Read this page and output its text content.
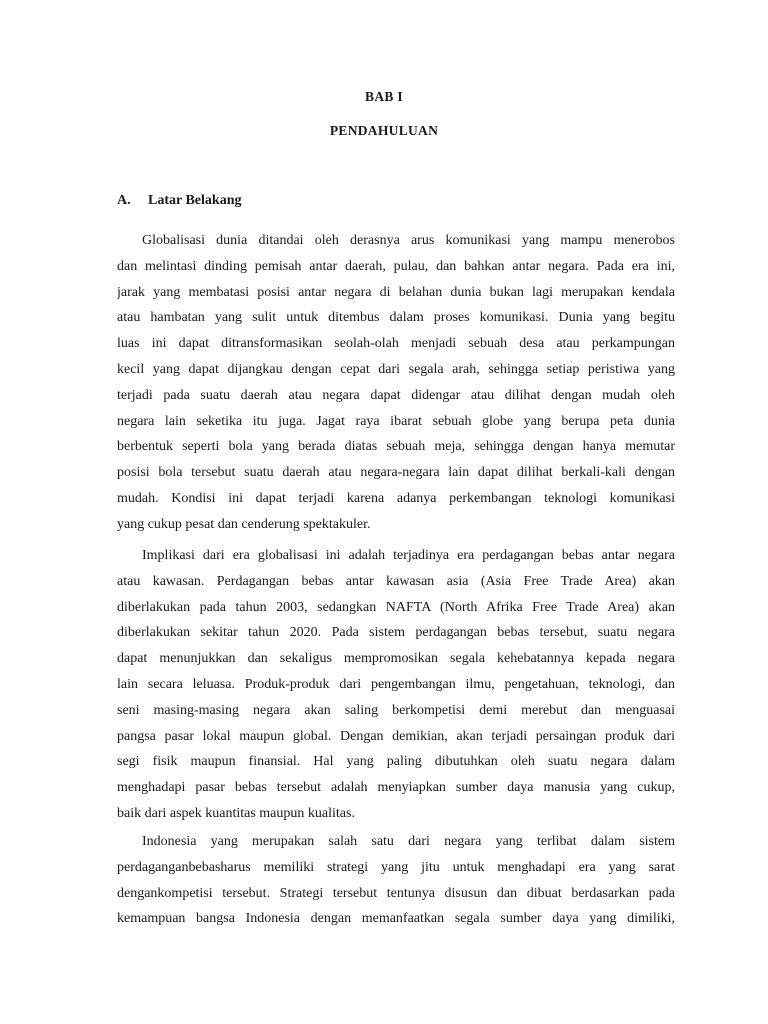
BAB I
PENDAHULUAN
A. Latar Belakang
Globalisasi dunia ditandai oleh derasnya arus komunikasi yang mampu menerobos
dan melintasi dinding pemisah antar daerah, pulau, dan bahkan antar negara. Pada era ini,
jarak yang membatasi posisi antar negara di belahan dunia bukan lagi merupakan kendala
atau hambatan yang sulit untuk ditembus dalam proses komunikasi. Dunia yang begitu
luas ini dapat ditransformasikan seolah-olah menjadi sebuah desa atau perkampungan
kecil yang dapat dijangkau dengan cepat dari segala arah, sehingga setiap peristiwa yang
terjadi pada suatu daerah atau negara dapat didengar atau dilihat dengan mudah oleh
negara lain seketika itu juga. Jagat raya ibarat sebuah globe yang berupa peta dunia
berbentuk seperti bola yang berada diatas sebuah meja, sehingga dengan hanya memutar
posisi bola tersebut suatu daerah atau negara-negara lain dapat dilihat berkali-kali dengan
mudah. Kondisi ini dapat terjadi karena adanya perkembangan teknologi komunikasi
yang cukup pesat dan cenderung spektakuler.
Implikasi dari era globalisasi ini adalah terjadinya era perdagangan bebas antar negara
atau kawasan. Perdagangan bebas antar kawasan asia (Asia Free Trade Area) akan
diberlakukan pada tahun 2003, sedangkan NAFTA (North Afrika Free Trade Area) akan
diberlakukan sekitar tahun 2020. Pada sistem perdagangan bebas tersebut, suatu negara
dapat menunjukkan dan sekaligus mempromosikan segala kehebatannya kepada negara
lain secara leluasa. Produk-produk dari pengembangan ilmu, pengetahuan, teknologi, dan
seni masing-masing negara akan saling berkompetisi demi merebut dan menguasai
pangsa pasar lokal maupun global. Dengan demikian, akan terjadi persaingan produk dari
segi fisik maupun finansial. Hal yang paling dibutuhkan oleh suatu negara dalam
menghadapi pasar bebas tersebut adalah menyiapkan sumber daya manusia yang cukup,
baik dari aspek kuantitas maupun kualitas.
Indonesia yang merupakan salah satu dari negara yang terlibat dalam sistem
perdaganganbebasharus memiliki strategi yang jitu untuk menghadapi era yang sarat
dengankompetisi tersebut. Strategi tersebut tentunya disusun dan dibuat berdasarkan pada
kemampuan bangsa Indonesia dengan memanfaatkan segala sumber daya yang dimiliki,
